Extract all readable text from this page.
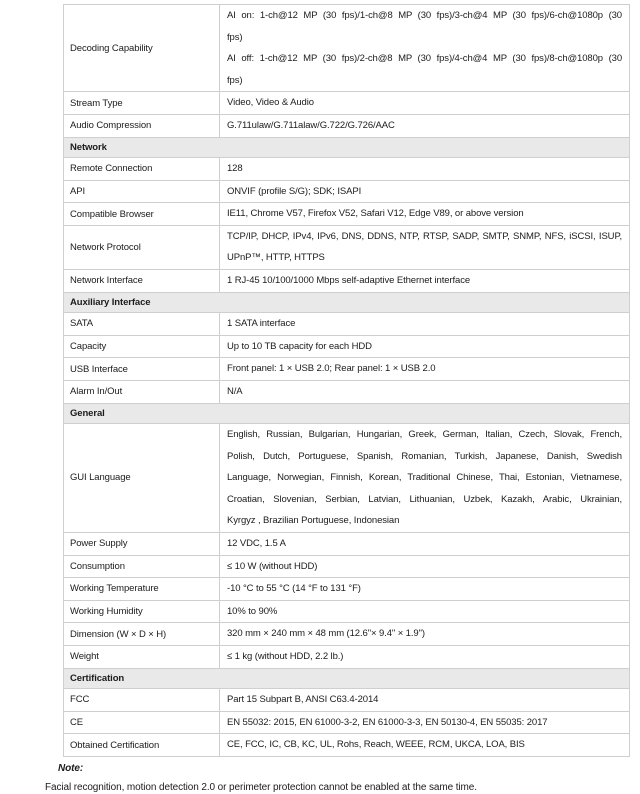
Decoding Capability	AI on: 1-ch@12 MP (30 fps)/1-ch@8 MP (30 fps)/3-ch@4 MP (30 fps)/6-ch@1080p (30
fps)
AI off: 1-ch@12 MP (30 fps)/2-ch@8 MP (30 fps)/4-ch@4 MP (30 fps)/8-ch@1080p (30
fps)

Stream Type	Video, Video & Audio

Audio Compression	G.711ulaw/G.711alaw/G.722/G.726/AAC

Network	
Remote Connection	128

API	ONVIF (profile S/G); SDK; ISAPI

Compatible Browser	IE11, Chrome V57, Firefox V52, Safari V12, Edge V89, or above version

Network Protocol	TCP/IP, DHCP, IPv4, IPv6, DNS, DDNS, NTP, RTSP, SADP, SMTP, SNMP, NFS, iSCSI, ISUP,
UPnP™, HTTP, HTTPS

Network Interface	1 RJ-45 10/100/1000 Mbps self-adaptive Ethernet interface

Auxiliary Interface	
SATA	1 SATA interface

Capacity	Up to 10 TB capacity for each HDD

USB Interface	Front panel: 1 × USB 2.0; Rear panel: 1 × USB 2.0

Alarm In/Out	N/A

General	
GUI Language	English, Russian, Bulgarian, Hungarian, Greek, German, Italian, Czech, Slovak, French,
Polish, Dutch, Portuguese, Spanish, Romanian, Turkish, Japanese, Danish, Swedish
Language, Norwegian, Finnish, Korean, Traditional Chinese, Thai, Estonian, Vietnamese,
Croatian, Slovenian, Serbian, Latvian, Lithuanian, Uzbek, Kazakh, Arabic, Ukrainian,
Kyrgyz , Brazilian Portuguese, Indonesian

Power Supply	12 VDC, 1.5 A

Consumption	≤ 10 W (without HDD)

Working Temperature	-10 °C to 55 °C (14 °F to 131 °F)

Working Humidity	10% to 90%

Dimension (W × D × H)	320 mm × 240 mm × 48 mm (12.6"× 9.4" × 1.9")

Weight	≤ 1 kg (without HDD, 2.2 lb.)

Certification	
FCC	Part 15 Subpart B, ANSI C63.4-2014

CE	EN 55032: 2015, EN 61000-3-2, EN 61000-3-3, EN 50130-4, EN 55035: 2017

Obtained Certification	CE, FCC, IC, CB, KC, UL, Rohs, Reach, WEEE, RCM, UKCA, LOA, BIS
Note:
Facial recognition, motion detection 2.0 or perimeter protection cannot be enabled at the same time.
